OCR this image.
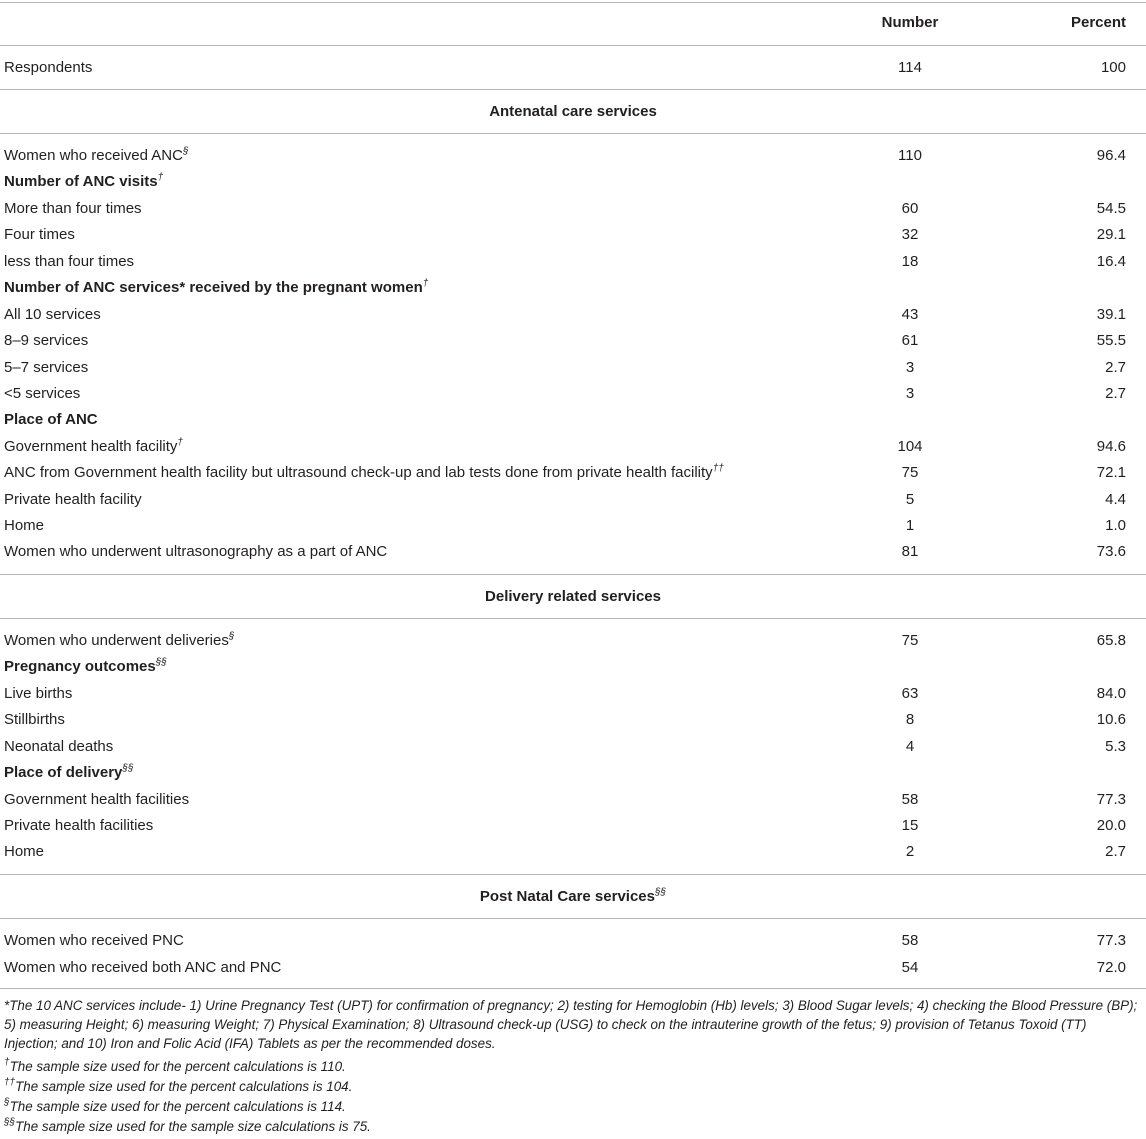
Number	Percent
Respondents	114	100
Antenatal care services
Women who received ANC§	110	96.4
Number of ANC visits†
More than four times	60	54.5
Four times	32	29.1
less than four times	18	16.4
Number of ANC services* received by the pregnant women†
All 10 services	43	39.1
8–9 services	61	55.5
5–7 services	3	2.7
<5 services	3	2.7
Place of ANC
Government health facility†	104	94.6
ANC from Government health facility but ultrasound check-up and lab tests done from private health facility††	75	72.1
Private health facility	5	4.4
Home	1	1.0
Women who underwent ultrasonography as a part of ANC	81	73.6
Delivery related services
Women who underwent deliveries§	75	65.8
Pregnancy outcomes§§
Live births	63	84.0
Stillbirths	8	10.6
Neonatal deaths	4	5.3
Place of delivery§§
Government health facilities	58	77.3
Private health facilities	15	20.0
Home	2	2.7
Post Natal Care services§§
Women who received PNC	58	77.3
Women who received both ANC and PNC	54	72.0
*The 10 ANC services include- 1) Urine Pregnancy Test (UPT) for confirmation of pregnancy; 2) testing for Hemoglobin (Hb) levels; 3) Blood Sugar levels; 4) checking the Blood Pressure (BP); 5) measuring Height; 6) measuring Weight; 7) Physical Examination; 8) Ultrasound check-up (USG) to check on the intrauterine growth of the fetus; 9) provision of Tetanus Toxoid (TT) Injection; and 10) Iron and Folic Acid (IFA) Tablets as per the recommended doses.
†The sample size used for the percent calculations is 110.
††The sample size used for the percent calculations is 104.
§The sample size used for the percent calculations is 114.
§§The sample size used for the sample size calculations is 75.
